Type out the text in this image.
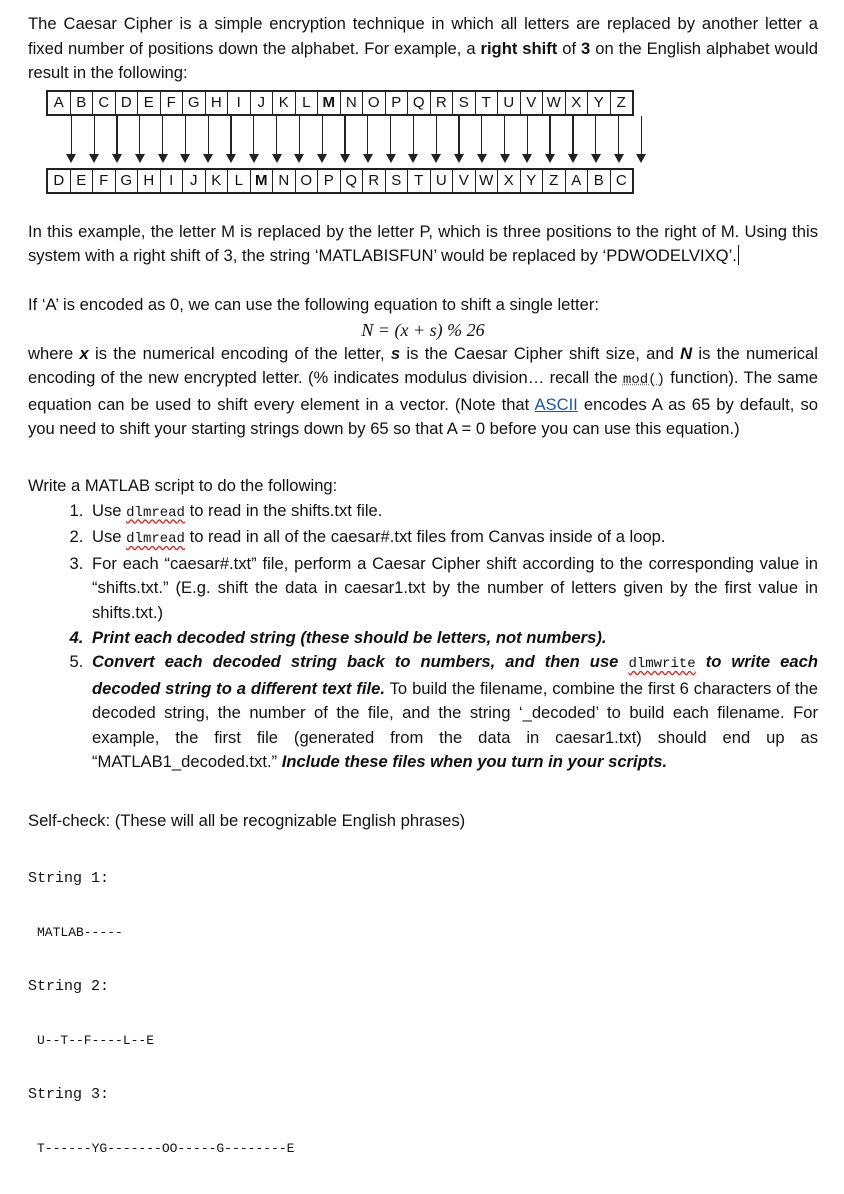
The Caesar Cipher is a simple encryption technique in which all letters are replaced by another letter a fixed number of positions down the alphabet. For example, a right shift of 3 on the English alphabet would result in the following:

A B C D E F G H I	J K L M N O P Q R S T U V W X Y Z
D E F G H I	J K L M N O P Q R S T U V W X Y Z A B C

In this example, the letter M is replaced by the letter P, which is three positions to the right of M. Using this system with a right shift of 3, the string ‘MATLABISFUN’ would be replaced by ‘PDWODELVIXQ’.

If ‘A’ is encoded as 0, we can use the following equation to shift a single letter:

N = (x + s) % 26

where x is the numerical encoding of the letter, s is the Caesar Cipher shift size, and N is the numerical encoding of the new encrypted letter. (% indicates modulus division… recall the mod() function). The same equation can be used to shift every element in a vector. (Note that ASCII encodes A as 65 by default, so you need to shift your starting strings down by 65 so that A = 0 before you can use this equation.)

Write a MATLAB script to do the following:

1. Use dlmread to read in the shifts.txt file.
2. Use dlmread to read in all of the caesar#.txt files from Canvas inside of a loop.
3. For each “caesar#.txt” file, perform a Caesar Cipher shift according to the corresponding value in “shifts.txt.” (E.g. shift the data in caesar1.txt by the number of letters given by the first value in shifts.txt.)
4. Print each decoded string (these should be letters, not numbers).
5. Convert each decoded string back to numbers, and then use dlmwrite to write each decoded string to a different text file. To build the filename, combine the first 6 characters of the decoded string, the number of the file, and the string ‘_decoded’ to build each filename. For example, the first file (generated from the data in caesar1.txt) should end up as “MATLAB1_decoded.txt.” Include these files when you turn in your scripts.

Self-check: (These will all be recognizable English phrases)

String 1:

MATLAB-----

String 2:

U--T--F----L--E

String 3:

T------YG-------OO-----G--------E
